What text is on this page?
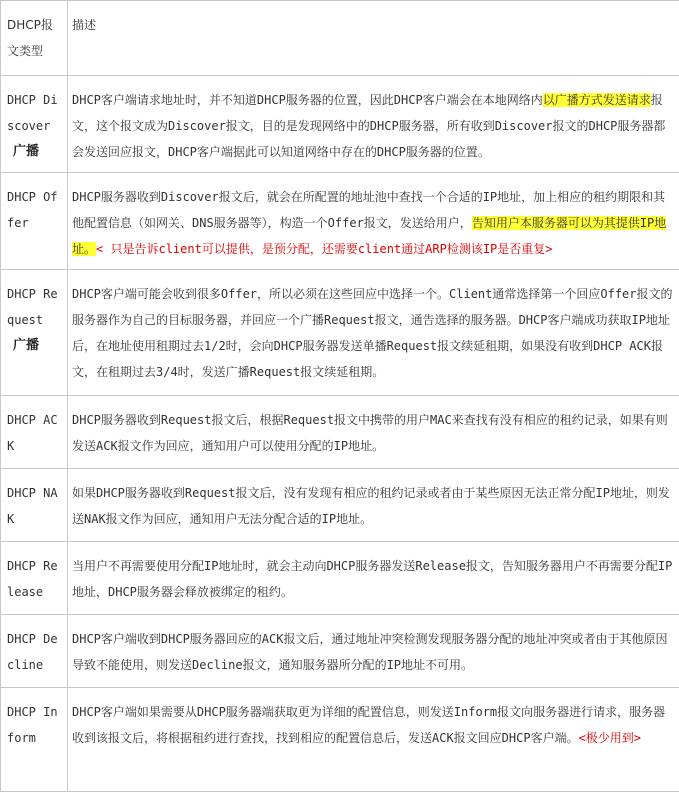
DHCP报文类型	描述

DHCP Discover
广播	DHCP客户端请求地址时，并不知道DHCP服务器的位置，因此DHCP客户端会在本地网络内以广播方式发送请求报文，这个报文成为Discover报文，目的是发现网络中的DHCP服务器，所有收到Discover报文的DHCP服务器都会发送回应报文，DHCP客户端据此可以知道网络中存在的DHCP服务器的位置。

DHCP Offer	DHCP服务器收到Discover报文后，就会在所配置的地址池中查找一个合适的IP地址，加上相应的租约期限和其他配置信息（如网关、DNS服务器等），构造一个Offer报文，发送给用户，告知用户本服务器可以为其提供IP地址。< 只是告诉client可以提供，是预分配，还需要client通过ARP检测该IP是否重复>

DHCP Request
广播	DHCP客户端可能会收到很多Offer，所以必须在这些回应中选择一个。Client通常选择第一个回应Offer报文的服务器作为自己的目标服务器，并回应一个广播Request报文，通告选择的服务器。DHCP客户端成功获取IP地址后，在地址使用租期过去1/2时，会向DHCP服务器发送单播Request报文续延租期，如果没有收到DHCP ACK报文，在租期过去3/4时，发送广播Request报文续延租期。

DHCP ACK	DHCP服务器收到Request报文后，根据Request报文中携带的用户MAC来查找有没有相应的租约记录，如果有则发送ACK报文作为回应，通知用户可以使用分配的IP地址。

DHCP NAK	如果DHCP服务器收到Request报文后，没有发现有相应的租约记录或者由于某些原因无法正常分配IP地址，则发送NAK报文作为回应，通知用户无法分配合适的IP地址。

DHCP Release	当用户不再需要使用分配IP地址时，就会主动向DHCP服务器发送Release报文，告知服务器用户不再需要分配IP地址，DHCP服务器会释放被绑定的租约。

DHCP Decline	DHCP客户端收到DHCP服务器回应的ACK报文后，通过地址冲突检测发现服务器分配的地址冲突或者由于其他原因导致不能使用，则发送Decline报文，通知服务器所分配的IP地址不可用。

DHCP Inform	DHCP客户端如果需要从DHCP服务器端获取更为详细的配置信息，则发送Inform报文向服务器进行请求，服务器收到该报文后，将根据租约进行查找，找到相应的配置信息后，发送ACK报文回应DHCP客户端。<极少用到>
